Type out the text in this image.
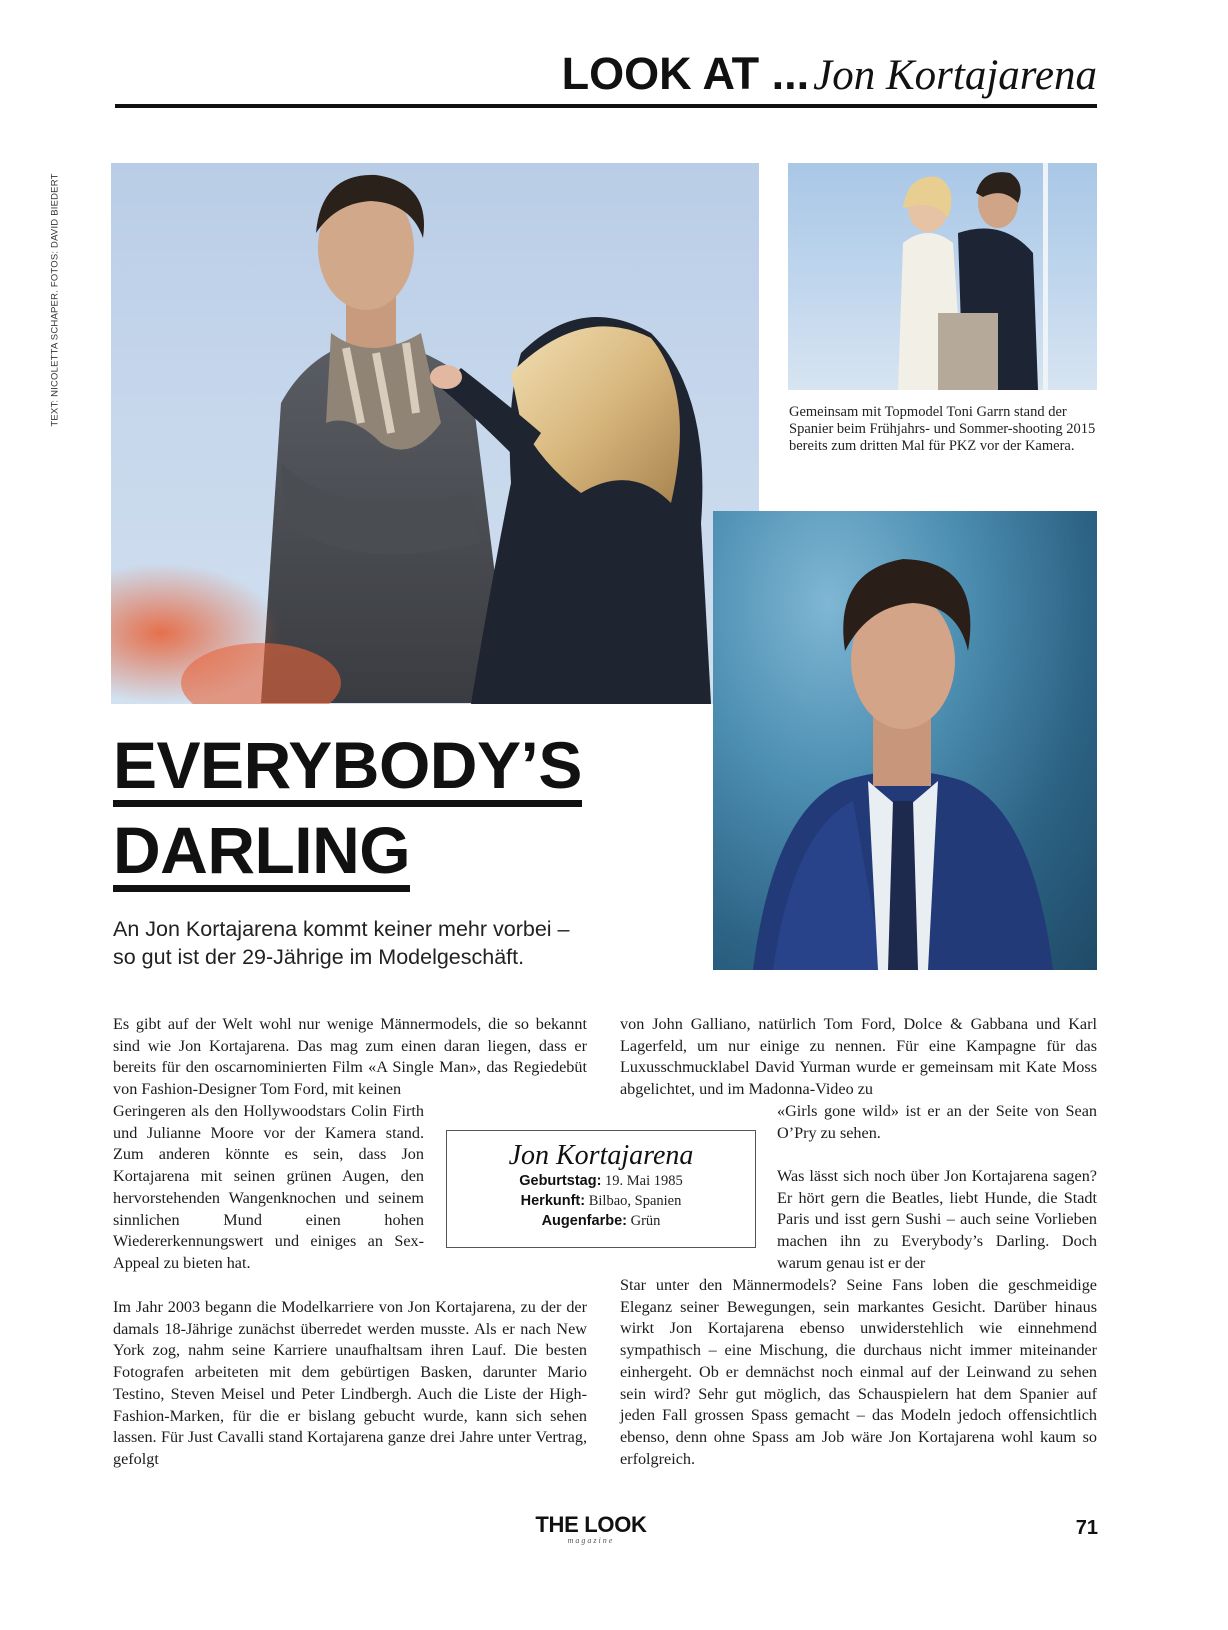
LOOK AT ... Jon Kortajarena
TEXT: NICOLETTA SCHAPER. FOTOS: DAVID BIEDERT	Gemeinsam mit Topmodel Toni Garrn stand der Spanier beim Frühjahrs- und Sommer-shooting 2015 bereits zum dritten Mal für PKZ vor der Kamera.
EVERYBODY’S
DARLING
An Jon Kortajarena kommt keiner mehr vorbei –
so gut ist der 29-Jährige im Modelgeschäft.
Es gibt auf der Welt wohl nur wenige Männermodels, die so bekannt sind wie Jon Kortajarena. Das mag zum einen daran liegen, dass er bereits für den oscarnominierten Film «A Single Man», das Regiedebüt von Fashion-Designer Tom Ford, mit keinen
Geringeren als den Hollywoodstars Colin Firth und Julianne Moore vor der Kamera stand. Zum anderen könnte es sein, dass Jon Kortajarena mit seinen grünen Augen, den hervorstehenden Wangenknochen und seinem sinnlichen Mund einen hohen Wiedererkennungswert und einiges an Sex-Appeal zu bieten hat.
Im Jahr 2003 begann die Modelkarriere von Jon Kortajarena, zu der der damals 18-Jährige zunächst überredet werden musste. Als er nach New York zog, nahm seine Karriere unaufhaltsam ihren Lauf. Die besten Fotografen arbeiteten mit dem gebürtigen Basken, darunter Mario Testino, Steven Meisel und Peter Lindbergh. Auch die Liste der High-Fashion-Marken, für die er bislang gebucht wurde, kann sich sehen lassen. Für Just Cavalli stand Kortajarena ganze drei Jahre unter Vertrag, gefolgt
von John Galliano, natürlich Tom Ford, Dolce & Gabbana und Karl Lagerfeld, um nur einige zu nennen. Für eine Kampagne für das Luxusschmucklabel David Yurman wurde er gemeinsam mit Kate Moss abgelichtet, und im Madonna-Video zu
«Girls gone wild» ist er an der Seite von Sean O’Pry zu sehen.
Was lässt sich noch über Jon Kortajarena sagen? Er hört gern die Beatles, liebt Hunde, die Stadt Paris und isst gern Sushi – auch seine Vorlieben machen ihn zu Everybody’s Darling. Doch warum genau ist er der
Star unter den Männermodels? Seine Fans loben die geschmeidige Eleganz seiner Bewegungen, sein markantes Gesicht. Darüber hinaus wirkt Jon Kortajarena ebenso unwiderstehlich wie einnehmend sympathisch – eine Mischung, die durchaus nicht immer miteinander einhergeht. Ob er demnächst noch einmal auf der Leinwand zu sehen sein wird? Sehr gut möglich, das Schauspielern hat dem Spanier auf jeden Fall grossen Spass gemacht – das Modeln jedoch offensichtlich ebenso, denn ohne Spass am Job wäre Jon Kortajarena wohl kaum so erfolgreich.
Jon Kortajarena
Geburtstag: 19. Mai 1985
Herkunft: Bilbao, Spanien
Augenfarbe: Grün
THE LOOK
magazine
71
